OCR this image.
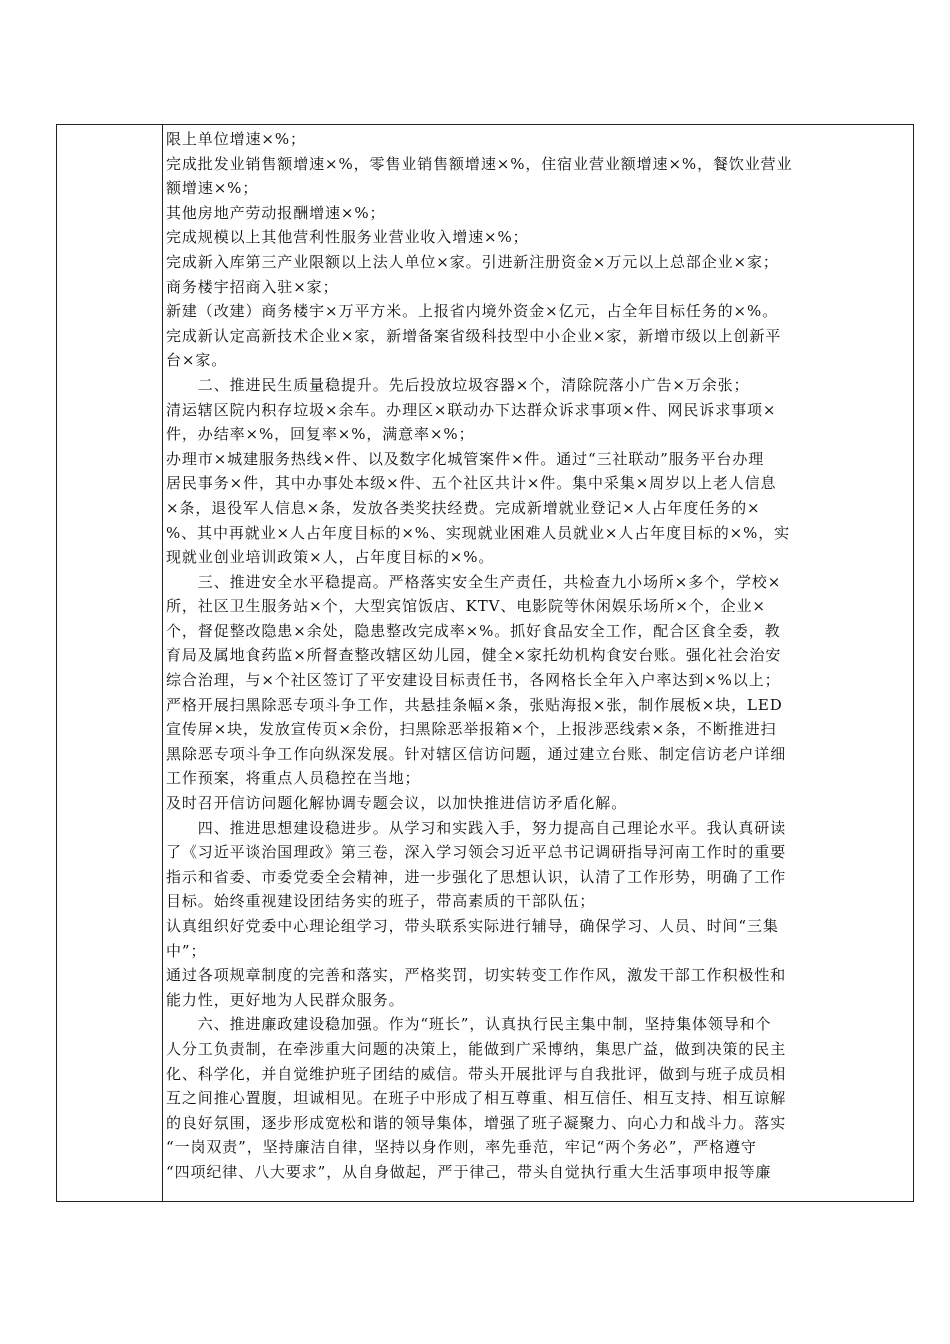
限上单位增速×%；
完成批发业销售额增速×%，零售业销售额增速×%，住宿业营业额增速×%，餐饮业营业
额增速×%；
其他房地产劳动报酬增速×%；
完成规模以上其他营利性服务业营业收入增速×%；
完成新入库第三产业限额以上法人单位×家。引进新注册资金×万元以上总部企业×家；
商务楼宇招商入驻×家；
新建（改建）商务楼宇×万平方米。上报省内境外资金×亿元，占全年目标任务的×%。
完成新认定高新技术企业×家，新增备案省级科技型中小企业×家，新增市级以上创新平
台×家。
　　二、推进民生质量稳提升。先后投放垃圾容器×个，清除院落小广告×万余张；
清运辖区院内积存垃圾×余车。办理区×联动办下达群众诉求事项×件、网民诉求事项×
件，办结率×%，回复率×%，满意率×%；
办理市×城建服务热线×件、以及数字化城管案件×件。通过“三社联动”服务平台办理
居民事务×件，其中办事处本级×件、五个社区共计×件。集中采集×周岁以上老人信息
×条，退役军人信息×条，发放各类奖扶经费。完成新增就业登记×人占年度任务的×
%、其中再就业×人占年度目标的×%、实现就业困难人员就业×人占年度目标的×%，实
现就业创业培训政策×人，占年度目标的×%。
　　三、推进安全水平稳提高。严格落实安全生产责任，共检查九小场所×多个，学校×
所，社区卫生服务站×个，大型宾馆饭店、KTV、电影院等休闲娱乐场所×个，企业×
个，督促整改隐患×余处，隐患整改完成率×%。抓好食品安全工作，配合区食全委，教
育局及属地食药监×所督查整改辖区幼儿园，健全×家托幼机构食安台账。强化社会治安
综合治理，与×个社区签订了平安建设目标责任书，各网格长全年入户率达到×%以上；
严格开展扫黑除恶专项斗争工作，共悬挂条幅×条，张贴海报×张，制作展板×块，LED
宣传屏×块，发放宣传页×余份，扫黑除恶举报箱×个，上报涉恶线索×条，不断推进扫
黑除恶专项斗争工作向纵深发展。针对辖区信访问题，通过建立台账、制定信访老户详细
工作预案，将重点人员稳控在当地；
及时召开信访问题化解协调专题会议，以加快推进信访矛盾化解。
　　四、推进思想建设稳进步。从学习和实践入手，努力提高自己理论水平。我认真研读
了《习近平谈治国理政》第三卷，深入学习领会习近平总书记调研指导河南工作时的重要
指示和省委、市委党委全会精神，进一步强化了思想认识，认清了工作形势，明确了工作
目标。始终重视建设团结务实的班子，带高素质的干部队伍；
认真组织好党委中心理论组学习，带头联系实际进行辅导，确保学习、人员、时间“三集
中”；
通过各项规章制度的完善和落实，严格奖罚，切实转变工作作风，激发干部工作积极性和
能力性，更好地为人民群众服务。
　　六、推进廉政建设稳加强。作为“班长”，认真执行民主集中制，坚持集体领导和个
人分工负责制，在牵涉重大问题的决策上，能做到广采博纳，集思广益，做到决策的民主
化、科学化，并自觉维护班子团结的威信。带头开展批评与自我批评，做到与班子成员相
互之间推心置腹，坦诚相见。在班子中形成了相互尊重、相互信任、相互支持、相互谅解
的良好氛围，逐步形成宽松和谐的领导集体，增强了班子凝聚力、向心力和战斗力。落实
“一岗双责”，坚持廉洁自律，坚持以身作则，率先垂范，牢记“两个务必”，严格遵守
“四项纪律、八大要求”，从自身做起，严于律己，带头自觉执行重大生活事项申报等廉
